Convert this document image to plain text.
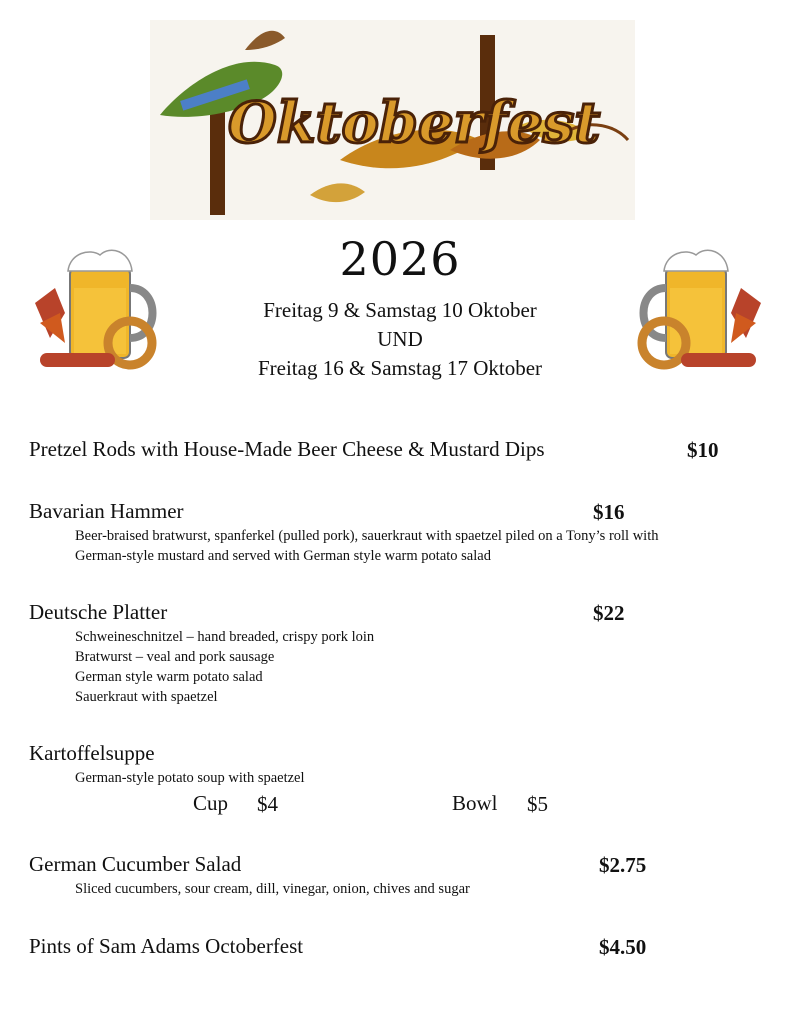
Oktoberfest
2026
Freitag 9 & Samstag 10 Oktober
UND
Freitag 16 & Samstag 17 Oktober
Pretzel Rods with House-Made Beer Cheese & Mustard Dips	$10
Bavarian Hammer	$16
Beer-braised bratwurst, spanferkel (pulled pork), sauerkraut with spaetzel piled on a Tony’s roll with
German-style mustard and served with German style warm potato salad
Deutsche Platter	$22
Schweineschnitzel – hand breaded, crispy pork loin
Bratwurst – veal and pork sausage
German style warm potato salad
Sauerkraut with spaetzel
Kartoffelsuppe
German-style potato soup with spaetzel
Cup $4	Bowl $5
German Cucumber Salad	$2.75
Sliced cucumbers, sour cream, dill, vinegar, onion, chives and sugar
Pints of Sam Adams Octoberfest	$4.50
